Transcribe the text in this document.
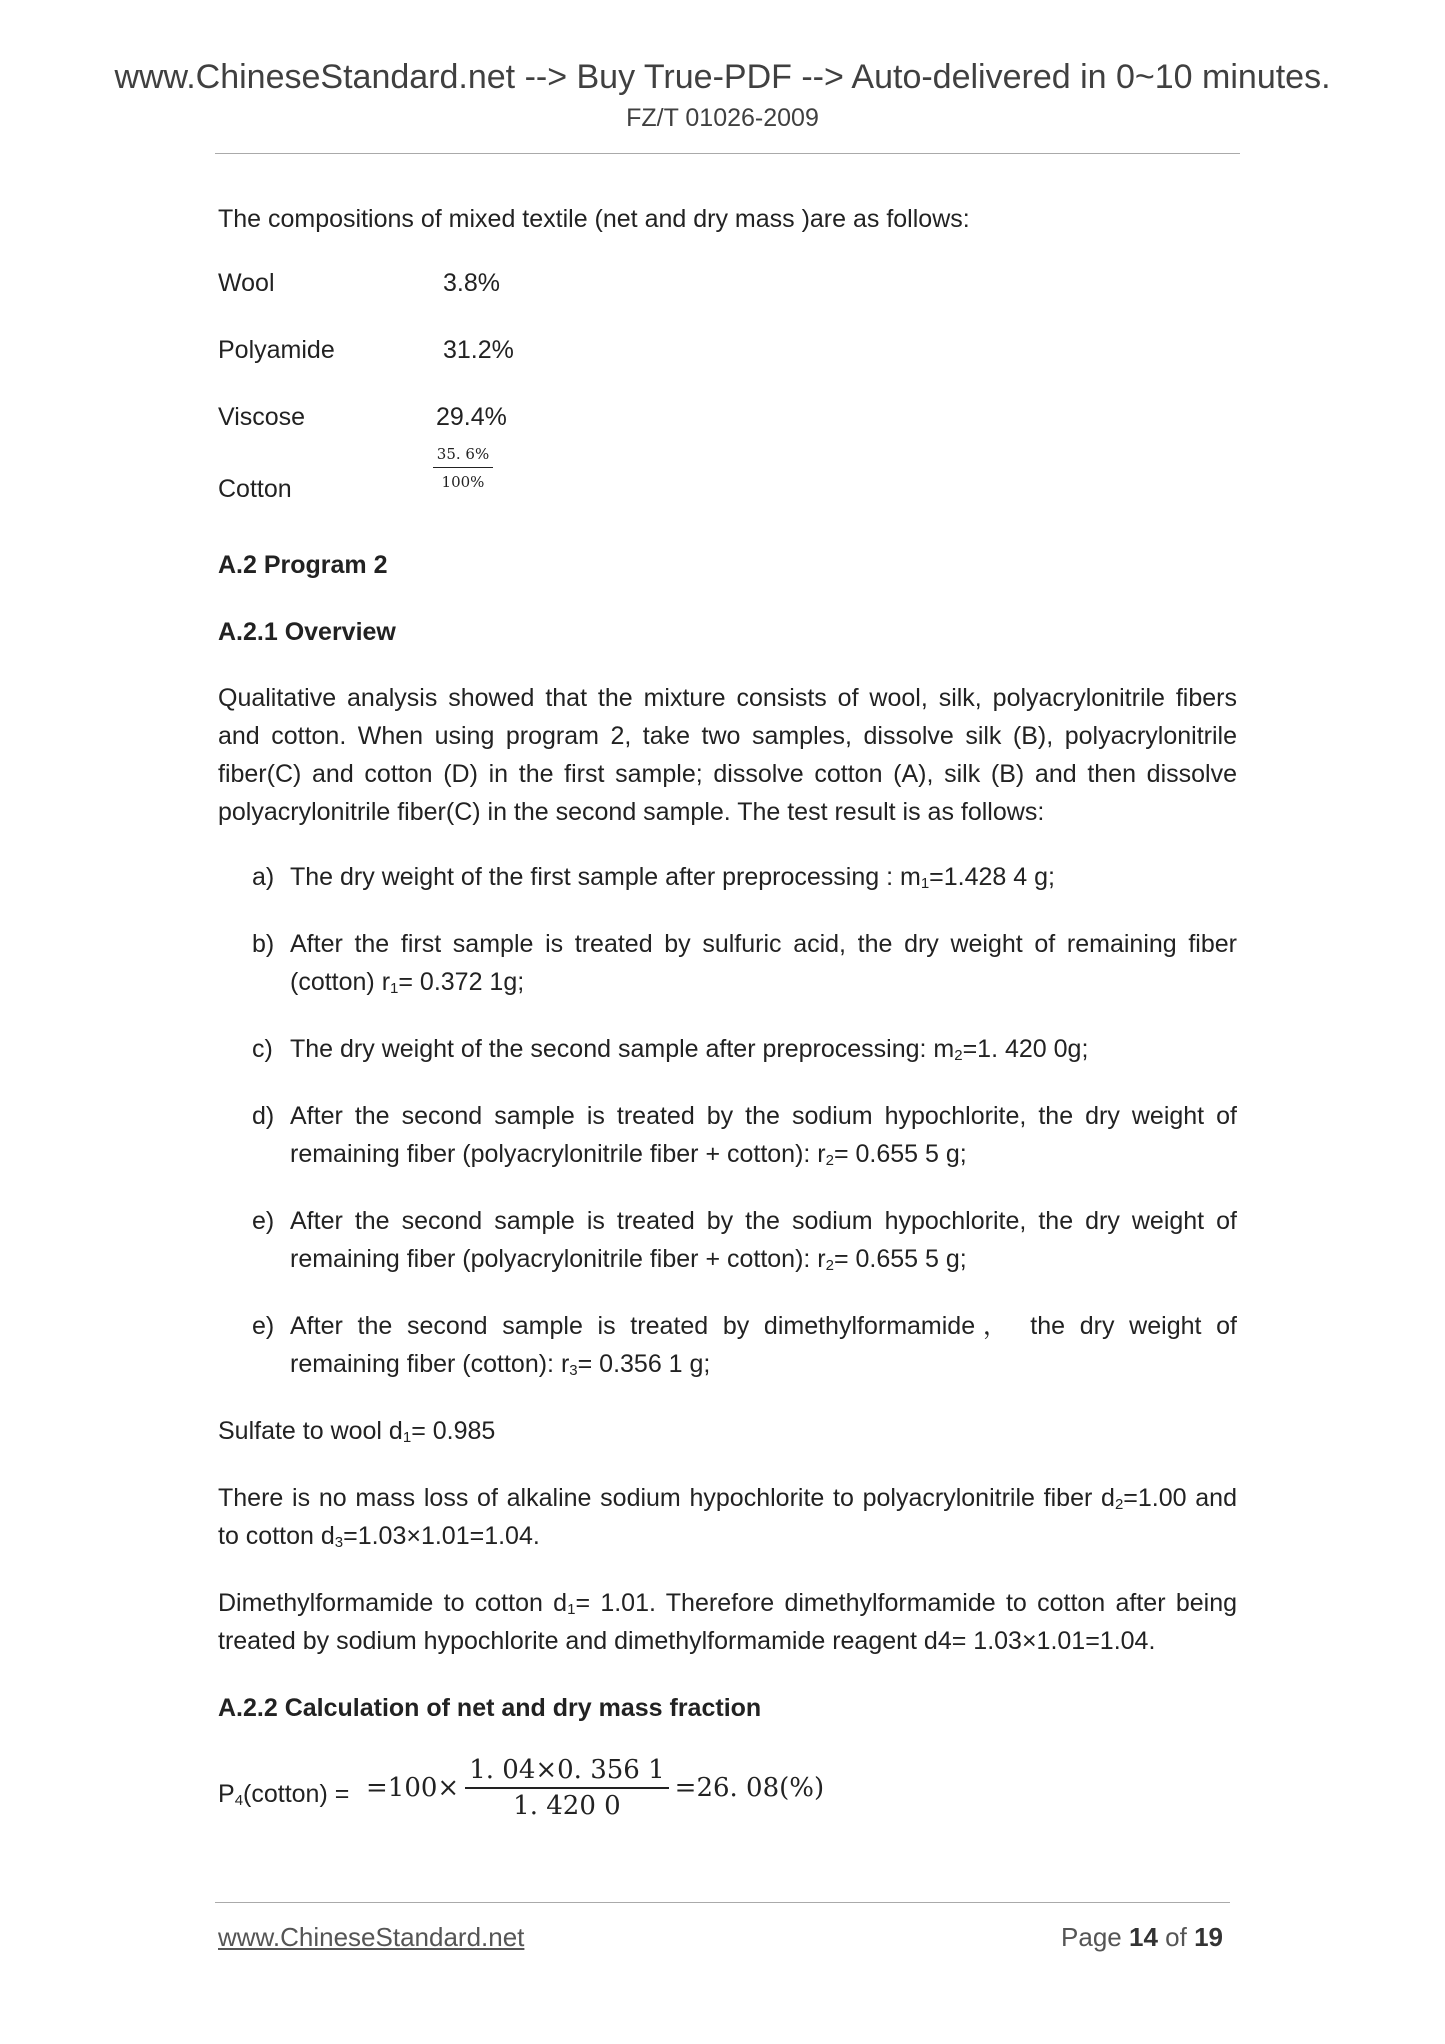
www.ChineseStandard.net --> Buy True-PDF --> Auto-delivered in 0~10 minutes.
FZ/T 01026-2009
The compositions of mixed textile (net and dry mass )are as follows:
Wool	3.8%
Polyamide	31.2%
Viscose	29.4%
Cotton	$\frac{35. 6\%}{100\%}$
A.2 Program 2
A.2.1 Overview
Qualitative analysis showed that the mixture consists of wool, silk, polyacrylonitrile fibers and cotton. When using program 2, take two samples, dissolve silk (B), polyacrylonitrile fiber(C) and cotton (D) in the first sample; dissolve cotton (A), silk (B) and then dissolve polyacrylonitrile fiber(C) in the second sample. The test result is as follows:
a) The dry weight of the first sample after preprocessing : $m_1=1.428$ 4 g;
b) After the first sample is treated by sulfuric acid, the dry weight of remaining fiber (cotton) $r_1= 0.372$ 1g;
c) The dry weight of the second sample after preprocessing: $m_2=1$. 420 0g;
d) After the second sample is treated by the sodium hypochlorite, the dry weight of remaining fiber (polyacrylonitrile fiber + cotton): $r_2= 0.655$ 5 g;
e) After the second sample is treated by the sodium hypochlorite, the dry weight of remaining fiber (polyacrylonitrile fiber + cotton): $r_2= 0.655$ 5 g;
e) After the second sample is treated by dimethylformamide， the dry weight of remaining fiber (cotton): $r_3= 0.356$ 1 g;
Sulfate to wool $d_1= 0.985$
There is no mass loss of alkaline sodium hypochlorite to polyacrylonitrile fiber $d_2=1.00$ and to cotton $d_3=1.03\times 1.01=1.04$.
Dimethylformamide to cotton $d_1= 1.01$. Therefore dimethylformamide to cotton after being treated by sodium hypochlorite and dimethylformamide reagent d4= 1.03×1.01=1.04.
A.2.2 Calculation of net and dry mass fraction
$P_4(cotton) = =100\times \frac{1. 04\times 0. 356 1}{1. 420 0} =26$. 08(%)
www.ChineseStandard.net	Page 14 of 19
